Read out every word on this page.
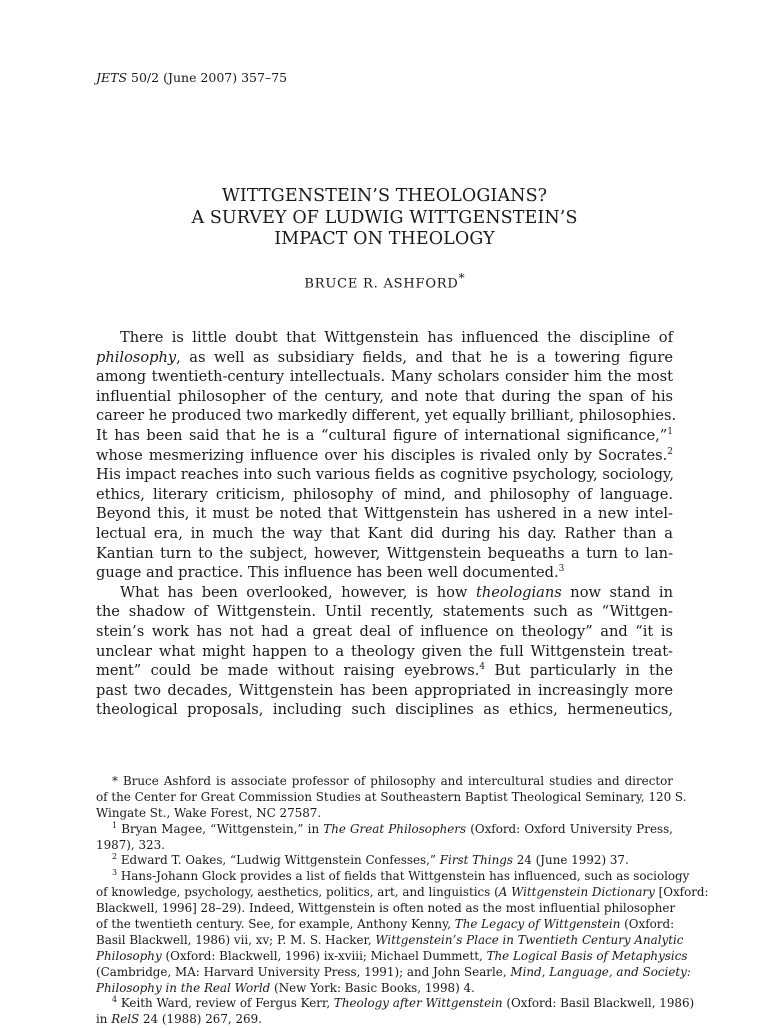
JETS 50/2 (June 2007) 357–75
WITTGENSTEIN’S THEOLOGIANS?
A SURVEY OF LUDWIG WITTGENSTEIN’S
IMPACT ON THEOLOGY
BRUCE R. ASHFORD*
There is little doubt that Wittgenstein has influenced the discipline of
philosophy, as well as subsidiary fields, and that he is a towering figure
among twentieth-century intellectuals. Many scholars consider him the most
influential philosopher of the century, and note that during the span of his
career he produced two markedly different, yet equally brilliant, philosophies.
It has been said that he is a “cultural figure of international significance,”$^1$
whose mesmerizing influence over his disciples is rivaled only by Socrates.$^2$
His impact reaches into such various fields as cognitive psychology, sociology,
ethics, literary criticism, philosophy of mind, and philosophy of language.
Beyond this, it must be noted that Wittgenstein has ushered in a new intel-
lectual era, in much the way that Kant did during his day. Rather than a
Kantian turn to the subject, however, Wittgenstein bequeaths a turn to lan-
guage and practice. This influence has been well documented.$^3$
What has been overlooked, however, is how theologians now stand in
the shadow of Wittgenstein. Until recently, statements such as “Wittgen-
stein’s work has not had a great deal of influence on theology” and “it is
unclear what might happen to a theology given the full Wittgenstein treat-
ment” could be made without raising eyebrows.$^4$ But particularly in the
past two decades, Wittgenstein has been appropriated in increasingly more
theological proposals, including such disciplines as ethics, hermeneutics,
* Bruce Ashford is associate professor of philosophy and intercultural studies and director
of the Center for Great Commission Studies at Southeastern Baptist Theological Seminary, 120 S.
Wingate St., Wake Forest, NC 27587.
$^1$ Bryan Magee, “Wittgenstein,” in The Great Philosophers (Oxford: Oxford University Press,
1987), 323.
$^2$ Edward T. Oakes, “Ludwig Wittgenstein Confesses,” First Things 24 (June 1992) 37.
$^3$ Hans-Johann Glock provides a list of fields that Wittgenstein has influenced, such as sociology
of knowledge, psychology, aesthetics, politics, art, and linguistics (A Wittgenstein Dictionary [Oxford:
Blackwell, 1996] 28–29). Indeed, Wittgenstein is often noted as the most influential philosopher
of the twentieth century. See, for example, Anthony Kenny, The Legacy of Wittgenstein (Oxford:
Basil Blackwell, 1986) vii, xv; P. M. S. Hacker, Wittgenstein’s Place in Twentieth Century Analytic
Philosophy (Oxford: Blackwell, 1996) ix-xviii; Michael Dummett, The Logical Basis of Metaphysics
(Cambridge, MA: Harvard University Press, 1991); and John Searle, Mind, Language, and Society:
Philosophy in the Real World (New York: Basic Books, 1998) 4.
$^4$ Keith Ward, review of Fergus Kerr, Theology after Wittgenstein (Oxford: Basil Blackwell, 1986)
in RelS 24 (1988) 267, 269.
